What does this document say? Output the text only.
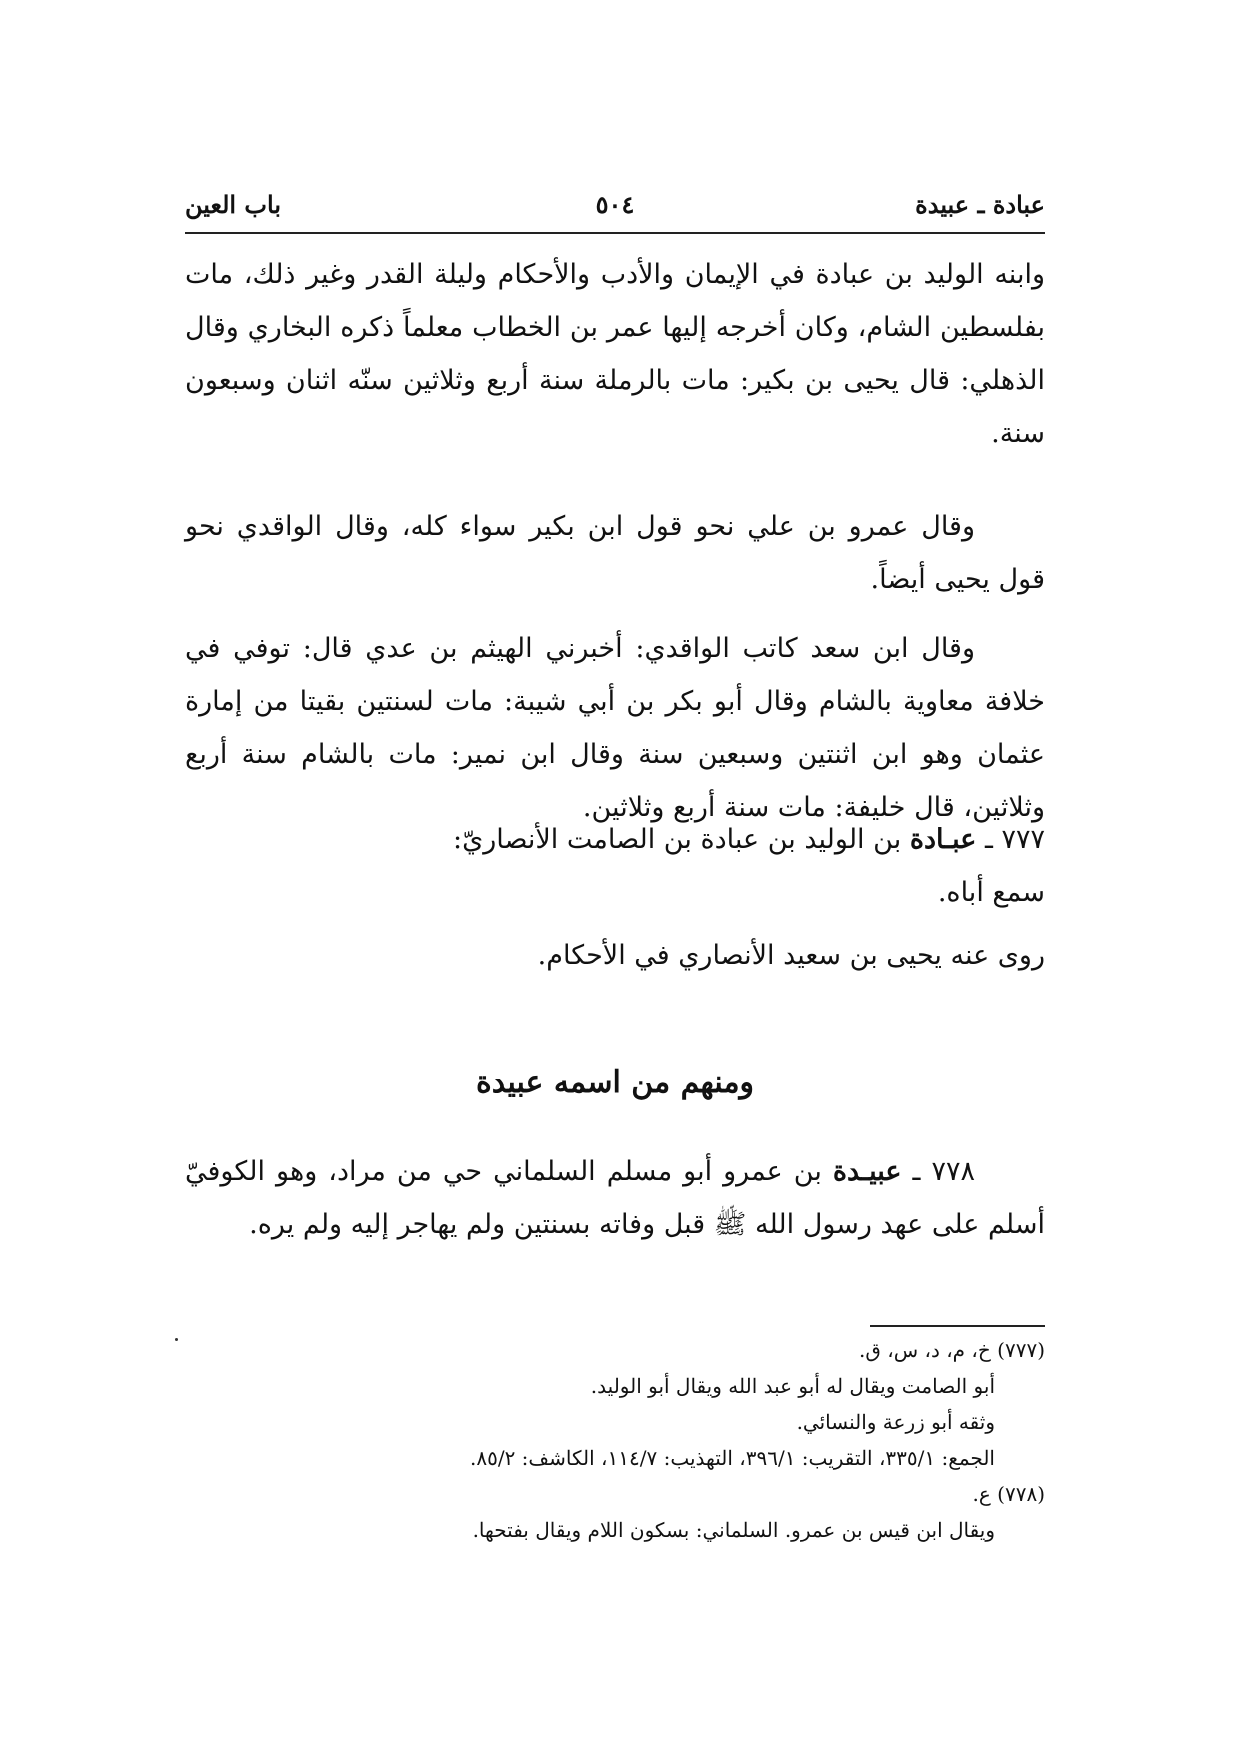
عبادة ـ عبيدة
٥٠٤
باب العين

وابنه الوليد بن عبادة في الإيمان والأدب والأحكام وليلة القدر وغير ذلك، مات بفلسطين الشام، وكان أخرجه إليها عمر بن الخطاب معلماً ذكره البخاري وقال الذهلي: قال يحيى بن بكير: مات بالرملة سنة أربع وثلاثين سنّه اثنان وسبعون سنة.

وقال عمرو بن علي نحو قول ابن بكير سواء كله، وقال الواقدي نحو قول يحيى أيضاً.

وقال ابن سعد كاتب الواقدي: أخبرني الهيثم بن عدي قال: توفي في خلافة معاوية بالشام وقال أبو بكر بن أبي شيبة: مات لسنتين بقيتا من إمارة عثمان وهو ابن اثنتين وسبعين سنة وقال ابن نمير: مات بالشام سنة أربع وثلاثين، قال خليفة: مات سنة أربع وثلاثين.

٧٧٧ ـ عبـادة بن الوليد بن عبادة بن الصامت الأنصاريّ:

سمع أباه.

روى عنه يحيى بن سعيد الأنصاري في الأحكام.

ومنهم من اسمه عبيدة

٧٧٨ ـ عبيـدة بن عمرو أبو مسلم السلماني حي من مراد، وهو الكوفيّ أسلم على عهد رسول الله ﷺ قبل وفاته بسنتين ولم يهاجر إليه ولم يره.

(٧٧٧) خ، م، د، س، ق.

أبو الصامت ويقال له أبو عبد الله ويقال أبو الوليد.

وثقه أبو زرعة والنسائي.

الجمع: ٣٣٥/١، التقريب: ٣٩٦/١، التهذيب: ١١٤/٧، الكاشف: ٨٥/٢.

(٧٧٨) ع.

ويقال ابن قيس بن عمرو. السلماني: بسكون اللام ويقال بفتحها.
